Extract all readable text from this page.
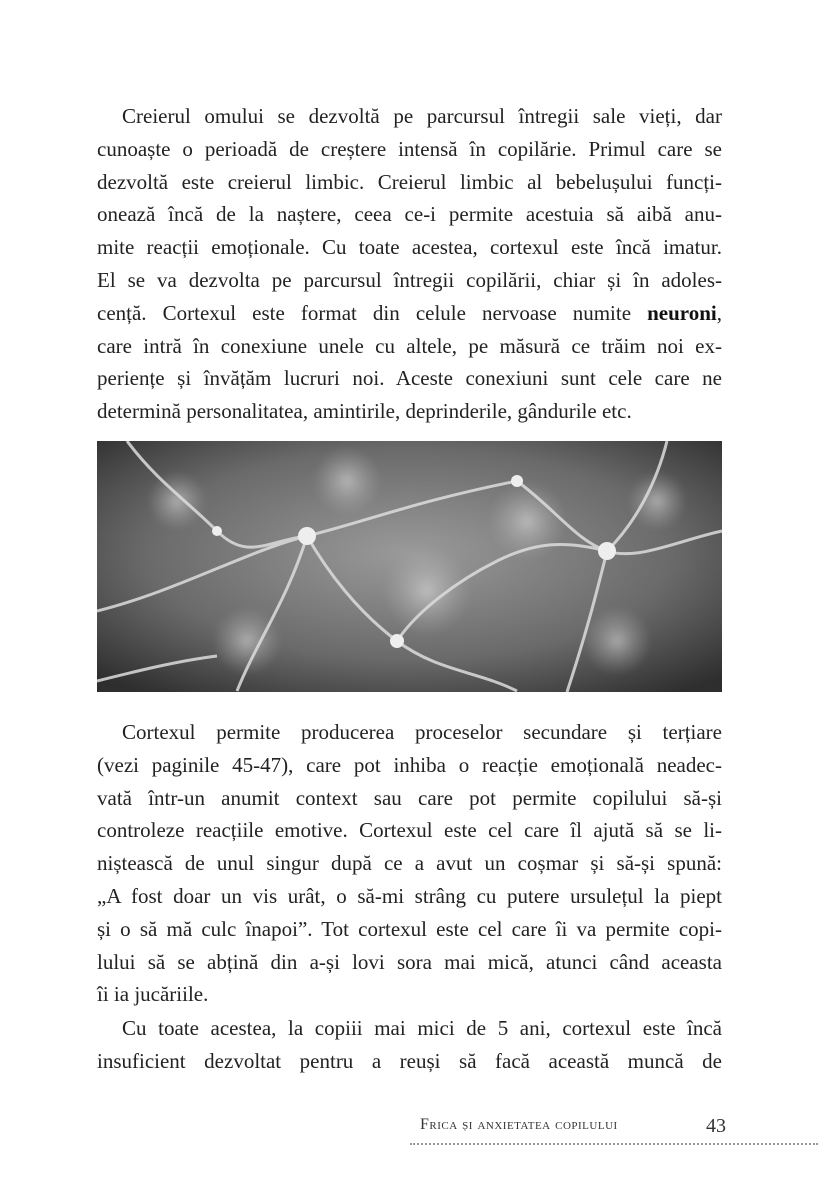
Creierul omului se dezvoltă pe parcursul întregii sale vieți, dar
cunoaște o perioadă de creștere intensă în copilărie. Primul care se
dezvoltă este creierul limbic. Creierul limbic al bebelușului funcți-
onează încă de la naștere, ceea ce-i permite acestuia să aibă anu-
mite reacții emoționale. Cu toate acestea, cortexul este încă imatur.
El se va dezvolta pe parcursul întregii copilării, chiar și în adoles-
cență. Cortexul este format din celule nervoase numite neuroni,
care intră în conexiune unele cu altele, pe măsură ce trăim noi ex-
periențe și învățăm lucruri noi. Aceste conexiuni sunt cele care ne
determină personalitatea, amintirile, deprinderile, gândurile etc.
Cortexul permite producerea proceselor secundare și terțiare
(vezi paginile 45-47), care pot inhiba o reacție emoțională neadec-
vată într-un anumit context sau care pot permite copilului să-și
controleze reacțiile emotive. Cortexul este cel care îl ajută să se li-
niștească de unul singur după ce a avut un coșmar și să-și spună:
„A fost doar un vis urât, o să-mi strâng cu putere ursulețul la piept
și o să mă culc înapoi”. Tot cortexul este cel care îi va permite copi-
lului să se abțină din a-și lovi sora mai mică, atunci când aceasta
îi ia jucăriile.
Cu toate acestea, la copiii mai mici de 5 ani, cortexul este încă
insuficient dezvoltat pentru a reuși să facă această muncă de
Frica și anxietatea copilului	43
